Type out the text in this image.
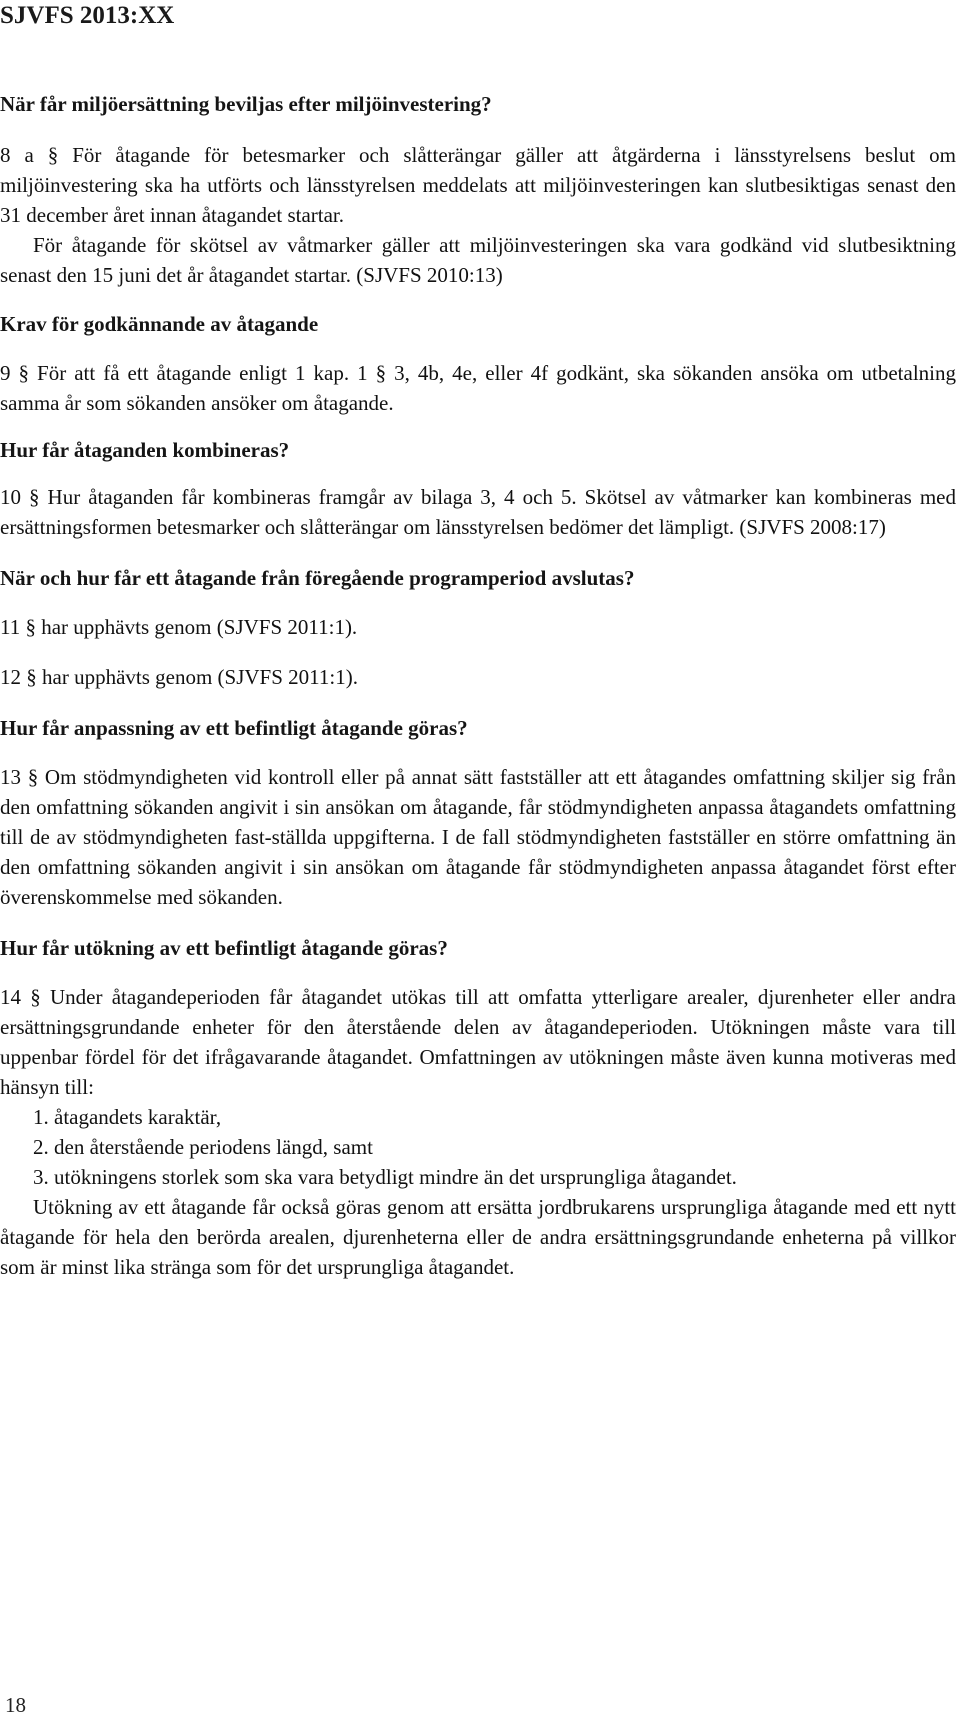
SJVFS 2013:XX
När får miljöersättning beviljas efter miljöinvestering?

8 a § För åtagande för betesmarker och slåtterängar gäller att åtgärderna i länsstyrelsens beslut om miljöinvestering ska ha utförts och länsstyrelsen meddelats att miljöinvesteringen kan slutbesiktigas senast den 31 december året innan åtagandet startar.

För åtagande för skötsel av våtmarker gäller att miljöinvesteringen ska vara godkänd vid slutbesiktning senast den 15 juni det år åtagandet startar. (SJVFS 2010:13)

Krav för godkännande av åtagande

9 § För att få ett åtagande enligt 1 kap. 1 § 3, 4b, 4e, eller 4f godkänt, ska sökanden ansöka om utbetalning samma år som sökanden ansöker om åtagande.

Hur får åtaganden kombineras?

10 § Hur åtaganden får kombineras framgår av bilaga 3, 4 och 5. Skötsel av våtmarker kan kombineras med ersättningsformen betesmarker och slåtterängar om länsstyrelsen bedömer det lämpligt. (SJVFS 2008:17)

När och hur får ett åtagande från föregående programperiod avslutas?

11 § har upphävts genom (SJVFS 2011:1).

12 § har upphävts genom (SJVFS 2011:1).

Hur får anpassning av ett befintligt åtagande göras?

13 § Om stödmyndigheten vid kontroll eller på annat sätt fastställer att ett åtagandes omfattning skiljer sig från den omfattning sökanden angivit i sin ansökan om åtagande, får stödmyndigheten anpassa åtagandets omfattning till de av stödmyndigheten fast-ställda uppgifterna. I de fall stödmyndigheten fastställer en större omfattning än den omfattning sökanden angivit i sin ansökan om åtagande får stödmyndigheten anpassa åtagandet först efter överenskommelse med sökanden.

Hur får utökning av ett befintligt åtagande göras?

14 § Under åtagandeperioden får åtagandet utökas till att omfatta ytterligare arealer, djurenheter eller andra ersättningsgrundande enheter för den återstående delen av åtagandeperioden. Utökningen måste vara till uppenbar fördel för det ifrågavarande åtagandet. Omfattningen av utökningen måste även kunna motiveras med hänsyn till:

1. åtagandets karaktär,
2. den återstående periodens längd, samt
3. utökningens storlek som ska vara betydligt mindre än det ursprungliga åtagandet.

Utökning av ett åtagande får också göras genom att ersätta jordbrukarens ursprungliga åtagande med ett nytt åtagande för hela den berörda arealen, djurenheterna eller de andra ersättningsgrundande enheterna på villkor som är minst lika stränga som för det ursprungliga åtagandet.

18
